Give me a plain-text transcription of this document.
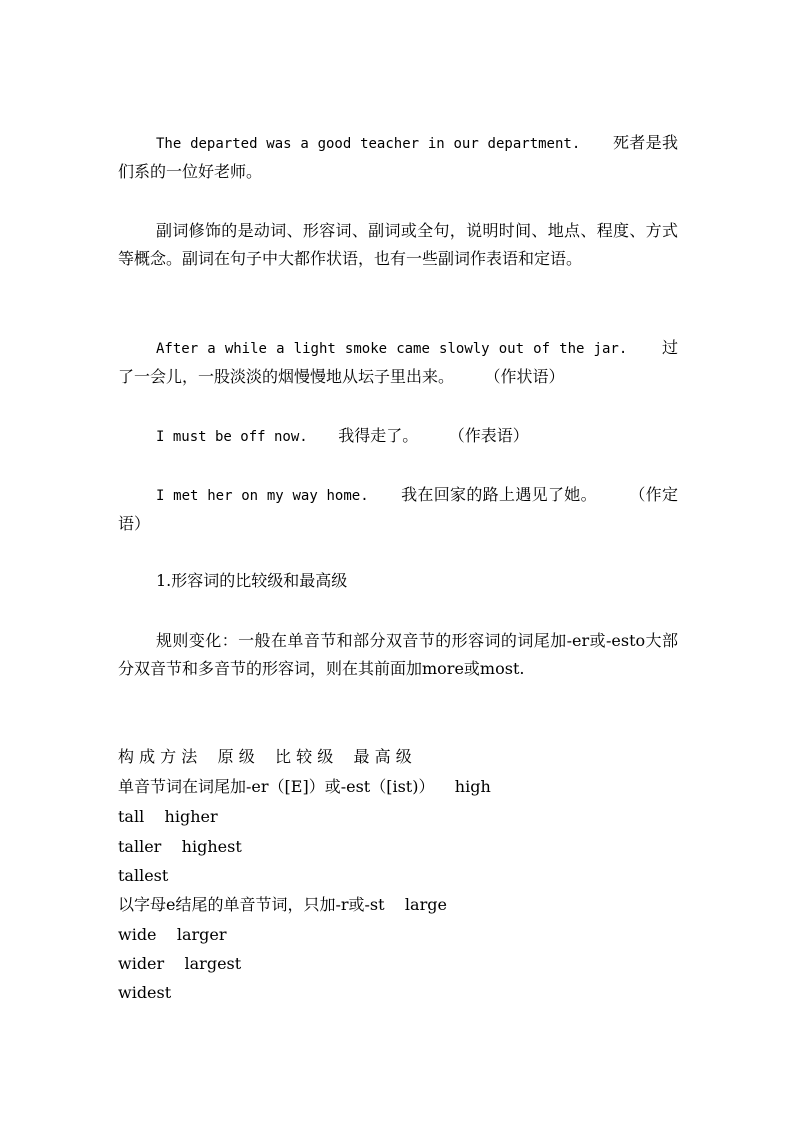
The departed was a good teacher in our department. 死者是我们系的一位好老师。

副词修饰的是动词、形容词、副词或全句，说明时间、地点、程度、方式等概念。副词在句子中大都作状语，也有一些副词作表语和定语。

After a while a light smoke came slowly out of the jar. 过了一会儿，一股淡淡的烟慢慢地从坛子里出来。 （作状语）

I must be off now. 我得走了。 （作表语）

I met her on my way home. 我在回家的路上遇见了她。 （作定语）

1.形容词的比较级和最高级

规则变化：一般在单音节和部分双音节的形容词的词尾加-er或-esto大部分双音节和多音节的形容词，则在其前面加more或most.

构 成 方 法    原 级    比 较 级    最 高 级

单音节词在词尾加-er（[E]）或-est（[ist)）    high

tall    higher

taller    highest

tallest

以字母e结尾的单音节词，只加-r或-st    large

wide    larger

wider    largest

widest
